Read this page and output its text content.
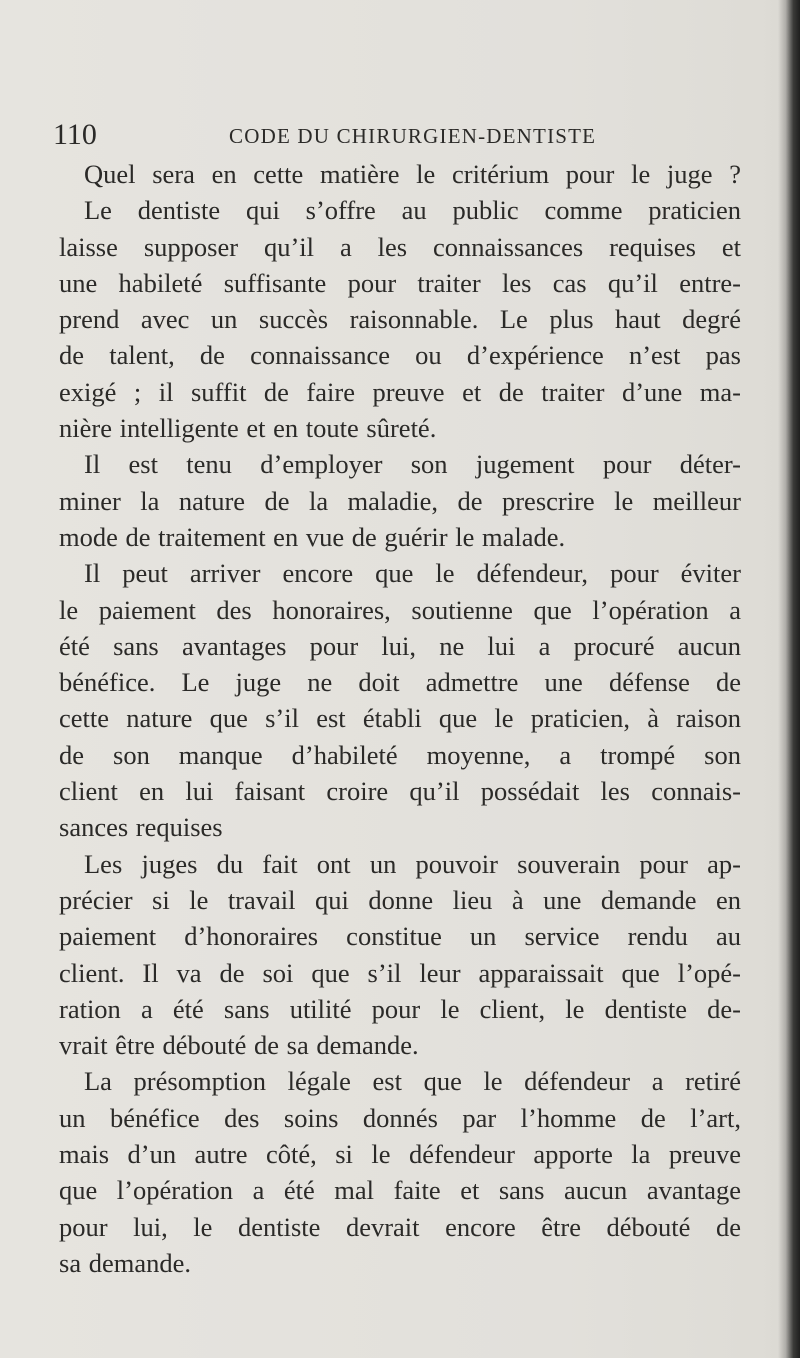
110	CODE DU CHIRURGIEN-DENTISTE
Quel sera en cette matière le critérium pour le juge ?
Le dentiste qui s’offre au public comme praticien
laisse supposer qu’il a les connaissances requises et
une habileté suffisante pour traiter les cas qu’il entre-
prend avec un succès raisonnable. Le plus haut degré
de talent, de connaissance ou d’expérience n’est pas
exigé ; il suffit de faire preuve et de traiter d’une ma-
nière intelligente et en toute sûreté.
Il est tenu d’employer son jugement pour déter-
miner la nature de la maladie, de prescrire le meilleur
mode de traitement en vue de guérir le malade.
Il peut arriver encore que le défendeur, pour éviter
le paiement des honoraires, soutienne que l’opération a
été sans avantages pour lui, ne lui a procuré aucun
bénéfice. Le juge ne doit admettre une défense de
cette nature que s’il est établi que le praticien, à raison
de son manque d’habileté moyenne, a trompé son
client en lui faisant croire qu’il possédait les connais-
sances requises
Les juges du fait ont un pouvoir souverain pour ap-
précier si le travail qui donne lieu à une demande en
paiement d’honoraires constitue un service rendu au
client. Il va de soi que s’il leur apparaissait que l’opé-
ration a été sans utilité pour le client, le dentiste de-
vrait être débouté de sa demande.
La présomption légale est que le défendeur a retiré
un bénéfice des soins donnés par l’homme de l’art,
mais d’un autre côté, si le défendeur apporte la preuve
que l’opération a été mal faite et sans aucun avantage
pour lui, le dentiste devrait encore être débouté de
sa demande.
